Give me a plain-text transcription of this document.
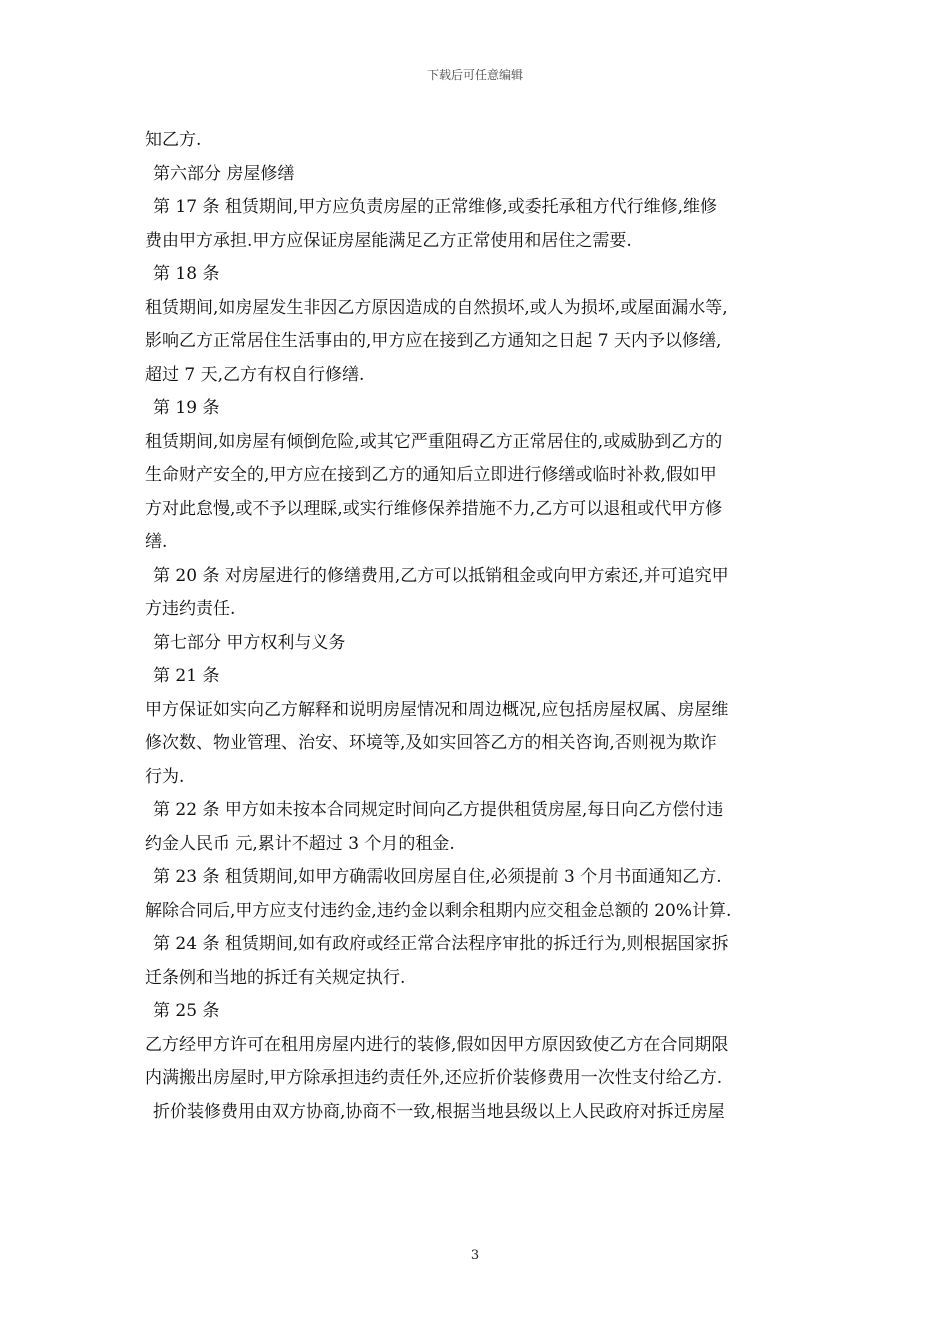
下载后可任意编辑
知乙方.
第六部分 房屋修缮
第 17 条 租赁期间,甲方应负责房屋的正常维修,或委托承租方代行维修,维修
费由甲方承担.甲方应保证房屋能满足乙方正常使用和居住之需要.
第 18 条
租赁期间,如房屋发生非因乙方原因造成的自然损坏,或人为损坏,或屋面漏水等,
影响乙方正常居住生活事由的,甲方应在接到乙方通知之日起 7 天内予以修缮,
超过 7 天,乙方有权自行修缮.
第 19 条
租赁期间,如房屋有倾倒危险,或其它严重阻碍乙方正常居住的,或威胁到乙方的
生命财产安全的,甲方应在接到乙方的通知后立即进行修缮或临时补救,假如甲
方对此怠慢,或不予以理睬,或实行维修保养措施不力,乙方可以退租或代甲方修
缮.
第 20 条 对房屋进行的修缮费用,乙方可以抵销租金或向甲方索还,并可追究甲
方违约责任.
第七部分 甲方权利与义务
第 21 条
甲方保证如实向乙方解释和说明房屋情况和周边概况,应包括房屋权属、房屋维
修次数、物业管理、治安、环境等,及如实回答乙方的相关咨询,否则视为欺诈
行为.
第 22 条 甲方如未按本合同规定时间向乙方提供租赁房屋,每日向乙方偿付违
约金人民币 元,累计不超过 3 个月的租金.
第 23 条 租赁期间,如甲方确需收回房屋自住,必须提前 3 个月书面通知乙方.
解除合同后,甲方应支付违约金,违约金以剩余租期内应交租金总额的 20%计算.
第 24 条 租赁期间,如有政府或经正常合法程序审批的拆迁行为,则根据国家拆
迁条例和当地的拆迁有关规定执行.
第 25 条
乙方经甲方许可在租用房屋内进行的装修,假如因甲方原因致使乙方在合同期限
内满搬出房屋时,甲方除承担违约责任外,还应折价装修费用一次性支付给乙方.
折价装修费用由双方协商,协商不一致,根据当地县级以上人民政府对拆迁房屋
3
